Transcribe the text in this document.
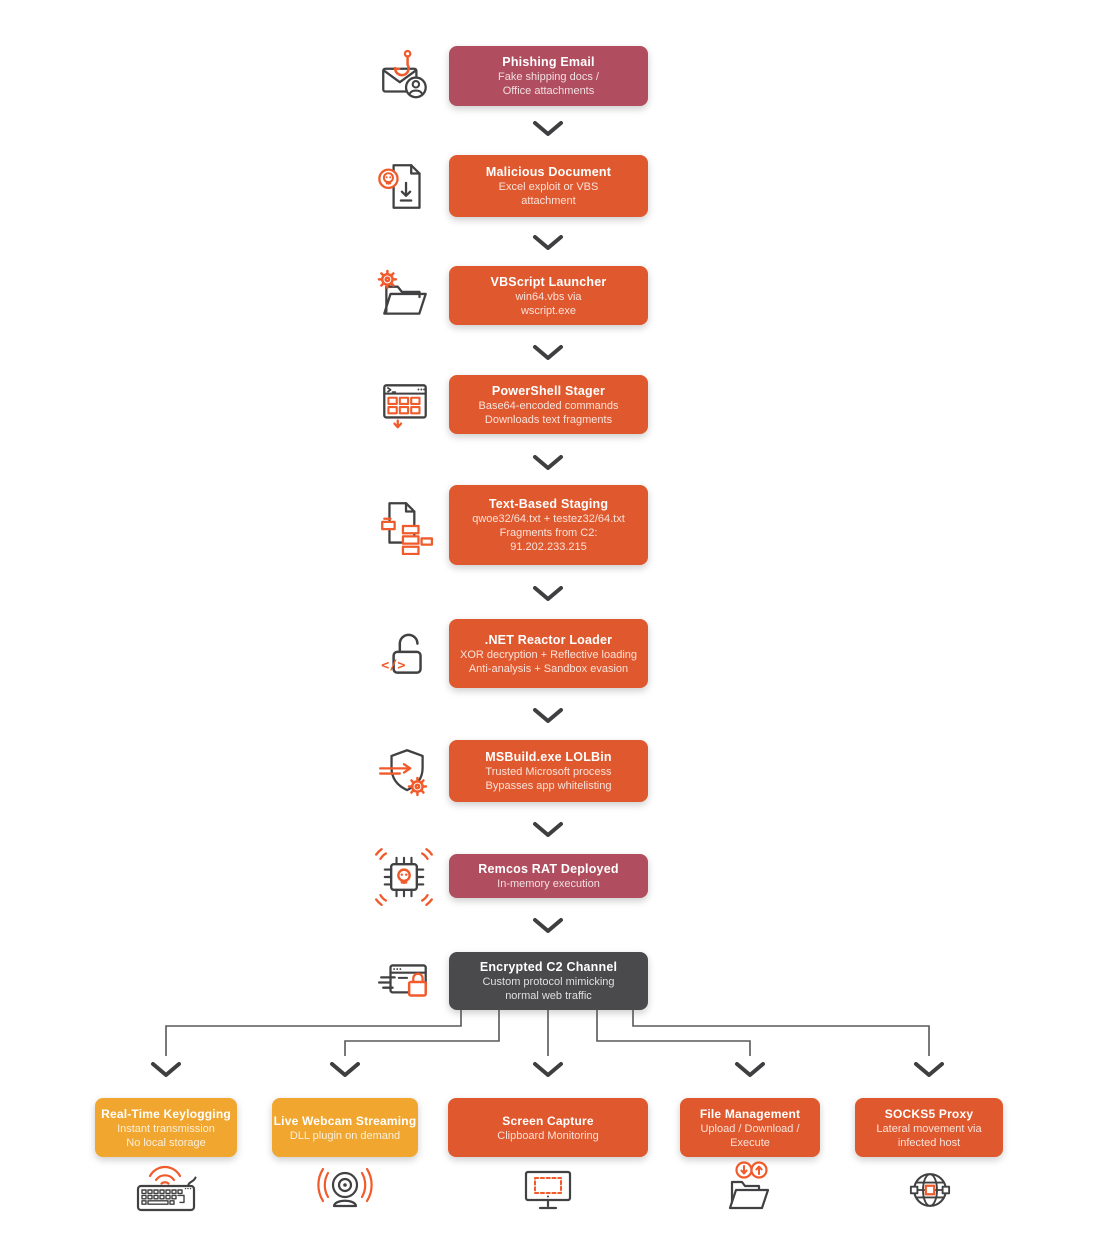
Phishing Email
Fake shipping docs /
Office attachments
Malicious Document
Excel exploit or VBS
attachment
VBScript Launcher
win64.vbs via
wscript.exe
PowerShell Stager
Base64-encoded commands
Downloads text fragments
Text-Based Staging
qwoe32/64.txt + testez32/64.txt
Fragments from C2:
91.202.233.215
.NET Reactor Loader
XOR decryption + Reflective loading
Anti-analysis + Sandbox evasion
MSBuild.exe LOLBin
Trusted Microsoft process
Bypasses app whitelisting
Remcos RAT Deployed
In-memory execution
Encrypted C2 Channel
Custom protocol mimicking
normal web traffic
</>
Real-Time Keylogging
Instant transmission
No local storage
Live Webcam Streaming
DLL plugin on demand
Screen Capture
Clipboard Monitoring
File Management
Upload / Download /
Execute
SOCKS5 Proxy
Lateral movement via
infected host
